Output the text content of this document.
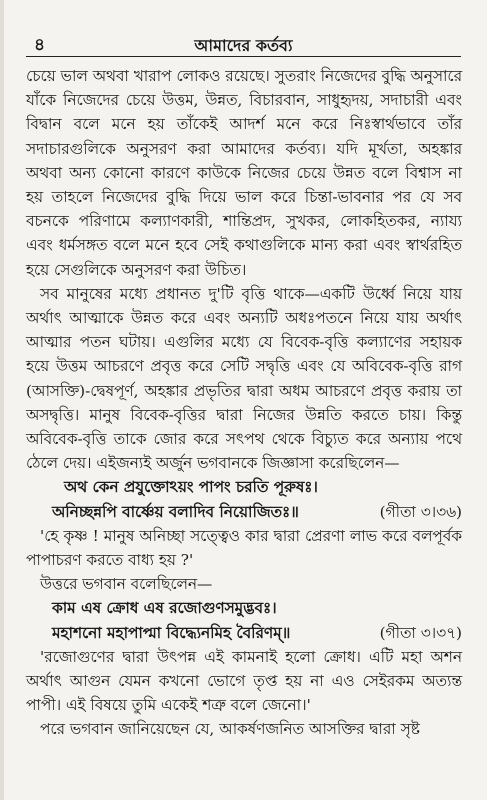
৪	আমাদের কর্তব্য

চেয়ে ভাল অথবা খারাপ লোকও রয়েছে। সুতরাং নিজেদের বুদ্ধি অনুসারে যাঁকে নিজেদের চেয়ে উত্তম, উন্নত, বিচারবান, সাধুহৃদয়, সদাচারী এবং বিদ্বান বলে মনে হয় তাঁকেই আদর্শ মনে করে নিঃস্বার্থভাবে তাঁর সদাচারগুলিকে অনুসরণ করা আমাদের কর্তব্য। যদি মূর্খতা, অহঙ্কার অথবা অন্য কোনো কারণে কাউকে নিজের চেয়ে উন্নত বলে বিশ্বাস না হয় তাহলে নিজেদের বুদ্ধি দিয়ে ভাল করে চিন্তা-ভাবনার পর যে সব বচনকে পরিণামে কল্যাণকারী, শান্তিপ্রদ, সুখকর, লোকহিতকর, ন্যায্য এবং ধর্মসঙ্গত বলে মনে হবে সেই কথাগুলিকে মান্য করা এবং স্বার্থরহিত হয়ে সেগুলিকে অনুসরণ করা উচিত।

সব মানুষের মধ্যে প্রধানত দু'টি বৃত্তি থাকে—একটি উর্ধ্বে নিয়ে যায় অর্থাৎ আত্মাকে উন্নত করে এবং অন্যটি অধঃপতনে নিয়ে যায় অর্থাৎ আত্মার পতন ঘটায়। এগুলির মধ্যে যে বিবেক-বৃত্তি কল্যাণের সহায়ক হয়ে উত্তম আচরণে প্রবৃত্ত করে সেটি সদ্বৃত্তি এবং যে অবিবেক-বৃত্তি রাগ (আসক্তি)-দ্বেষপূর্ণ, অহঙ্কার প্রভৃতির দ্বারা অধম আচরণে প্রবৃত্ত করায় তা অসদ্বৃত্তি। মানুষ বিবেক-বৃত্তির দ্বারা নিজের উন্নতি করতে চায়। কিন্তু অবিবেক-বৃত্তি তাকে জোর করে সৎপথ থেকে বিচ্যুত করে অন্যায় পথে ঠেলে দেয়। এইজন্যই অর্জুন ভগবানকে জিজ্ঞাসা করেছিলেন—

অথ কেন প্রযুক্তোঽয়ং পাপং চরতি পূরুষঃ।

অনিচ্ছন্নপি বার্ষ্ণেয় বলাদিব নিয়োজিতঃ॥	(গীতা ৩।৩৬)

'হে কৃষ্ণ ! মানুষ অনিচ্ছা সত্ত্বেও কার দ্বারা প্রেরণা লাভ করে বলপূর্বক পাপাচরণ করতে বাধ্য হয় ?'

উত্তরে ভগবান বলেছিলেন—

কাম এষ ক্রোধ এষ রজোগুণসমুদ্ভবঃ।

মহাশনো মহাপাপ্মা বিদ্ধ্যেনমিহ বৈরিণম্॥	(গীতা ৩।৩৭)

'রজোগুণের দ্বারা উৎপন্ন এই কামনাই হলো ক্রোধ। এটি মহা অশন অর্থাৎ আগুন যেমন কখনো ভোগে তৃপ্ত হয় না এও সেইরকম অত্যন্ত পাপী। এই বিষয়ে তুমি একেই শত্রু বলে জেনো।'

পরে ভগবান জানিয়েছেন যে, আকর্ষণজনিত আসক্তির দ্বারা সৃষ্ট
